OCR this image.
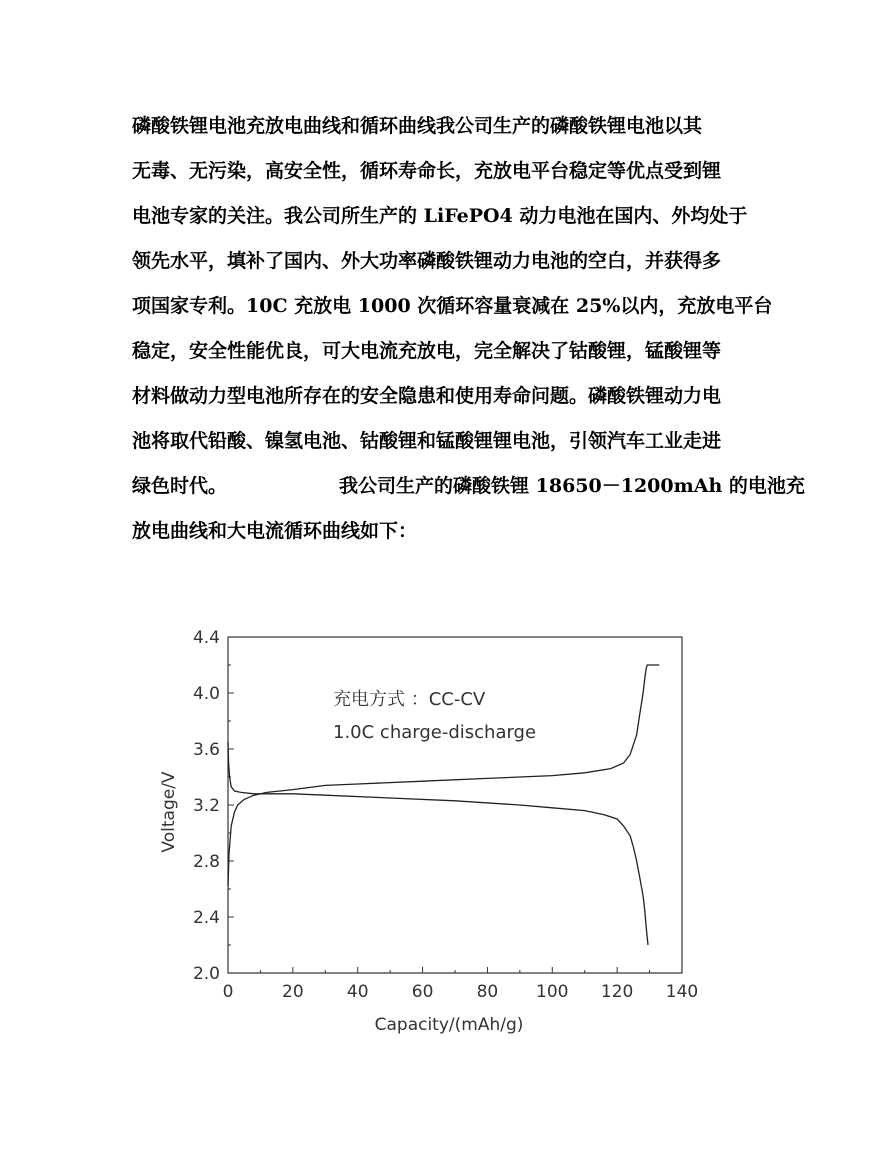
磷酸铁锂电池充放电曲线和循环曲线我公司生产的磷酸铁锂电池以其
无毒、无污染，高安全性，循环寿命长，充放电平台稳定等优点受到锂
电池专家的关注。我公司所生产的 LiFePO4 动力电池在国内、外均处于
领先水平，填补了国内、外大功率磷酸铁锂动力电池的空白，并获得多
项国家专利。10C 充放电 1000 次循环容量衰减在 25%以内，充放电平台
稳定，安全性能优良，可大电流充放电，完全解决了钴酸锂，锰酸锂等
材料做动力型电池所存在的安全隐患和使用寿命问题。磷酸铁锂动力电
池将取代铅酸、镍氢电池、钴酸锂和锰酸锂锂电池，引领汽车工业走进
绿色时代。	我公司生产的磷酸铁锂 18650－1200mAh 的电池充
放电曲线和大电流循环曲线如下：
0	20	40	60	80 100 120 140
2.0
2.4
2.8
3.2
3.6
4.0
4.4
充电方式 ：CC-CV
1.0C charge-discharge
Capacity/(mAh/g)
Voltage/V
